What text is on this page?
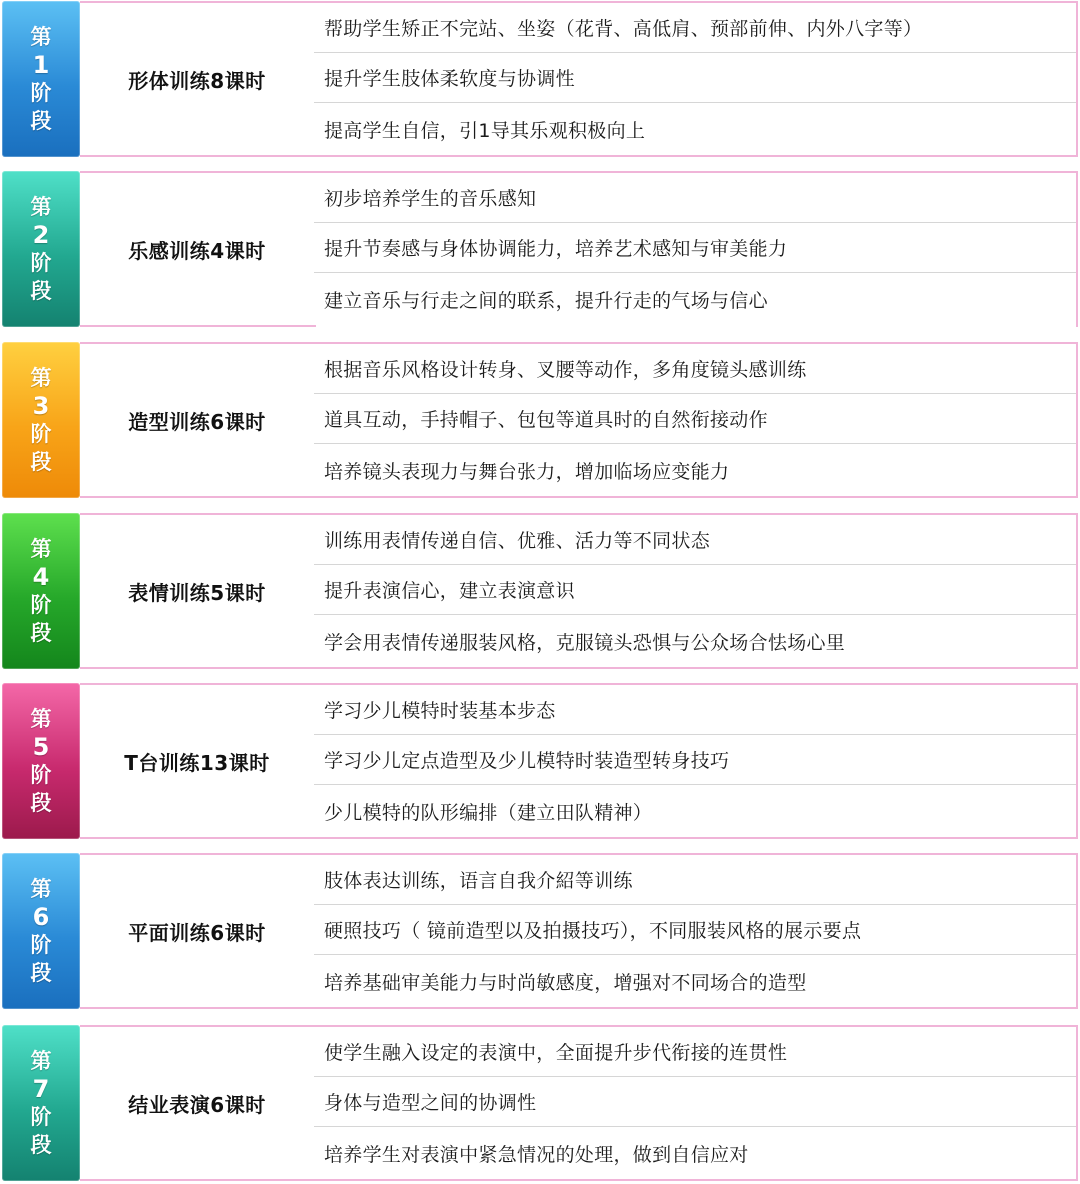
第
1
阶
段
形体训练8课时
帮助学生矫正不完站、坐姿（花背、高低肩、预部前伸、内外八字等）
提升学生肢体柔软度与协调性
提高学生自信，引1导其乐观积极向上
第
2
阶
段
乐感训练4课时
初步培养学生的音乐感知
提升节奏感与身体协调能力，培养艺术感知与审美能力
建立音乐与行走之间的联系，提升行走的气场与信心
第
3
阶
段
造型训练6课时
根据音乐风格设计转身、叉腰等动作，多角度镜头感训练
道具互动，手持帽子、包包等道具时的自然衔接动作
培养镜头表现力与舞台张力，增加临场应变能力
第
4
阶
段
表情训练5课时
训练用表情传递自信、优雅、活力等不同状态
提升表演信心，建立表演意识
学会用表情传递服装风格，克服镜头恐惧与公众场合怯场心里
第
5
阶
段
T台训练13课时
学习少儿模特时装基本步态
学习少儿定点造型及少儿模特时装造型转身技巧
少儿模特的队形编排（建立田队精神）
第
6
阶
段
平面训练6课时
肢体表达训练，语言自我介紹等训练
硬照技巧（ 镜前造型以及拍摄技巧），不同服装风格的展示要点
培养基础审美能力与时尚敏感度，增强对不同场合的造型
第
7
阶
段
结业表演6课时
使学生融入设定的表演中，全面提升步代衔接的连贯性
身体与造型之间的协调性
培养学生对表演中紧急情况的处理，做到自信应对
